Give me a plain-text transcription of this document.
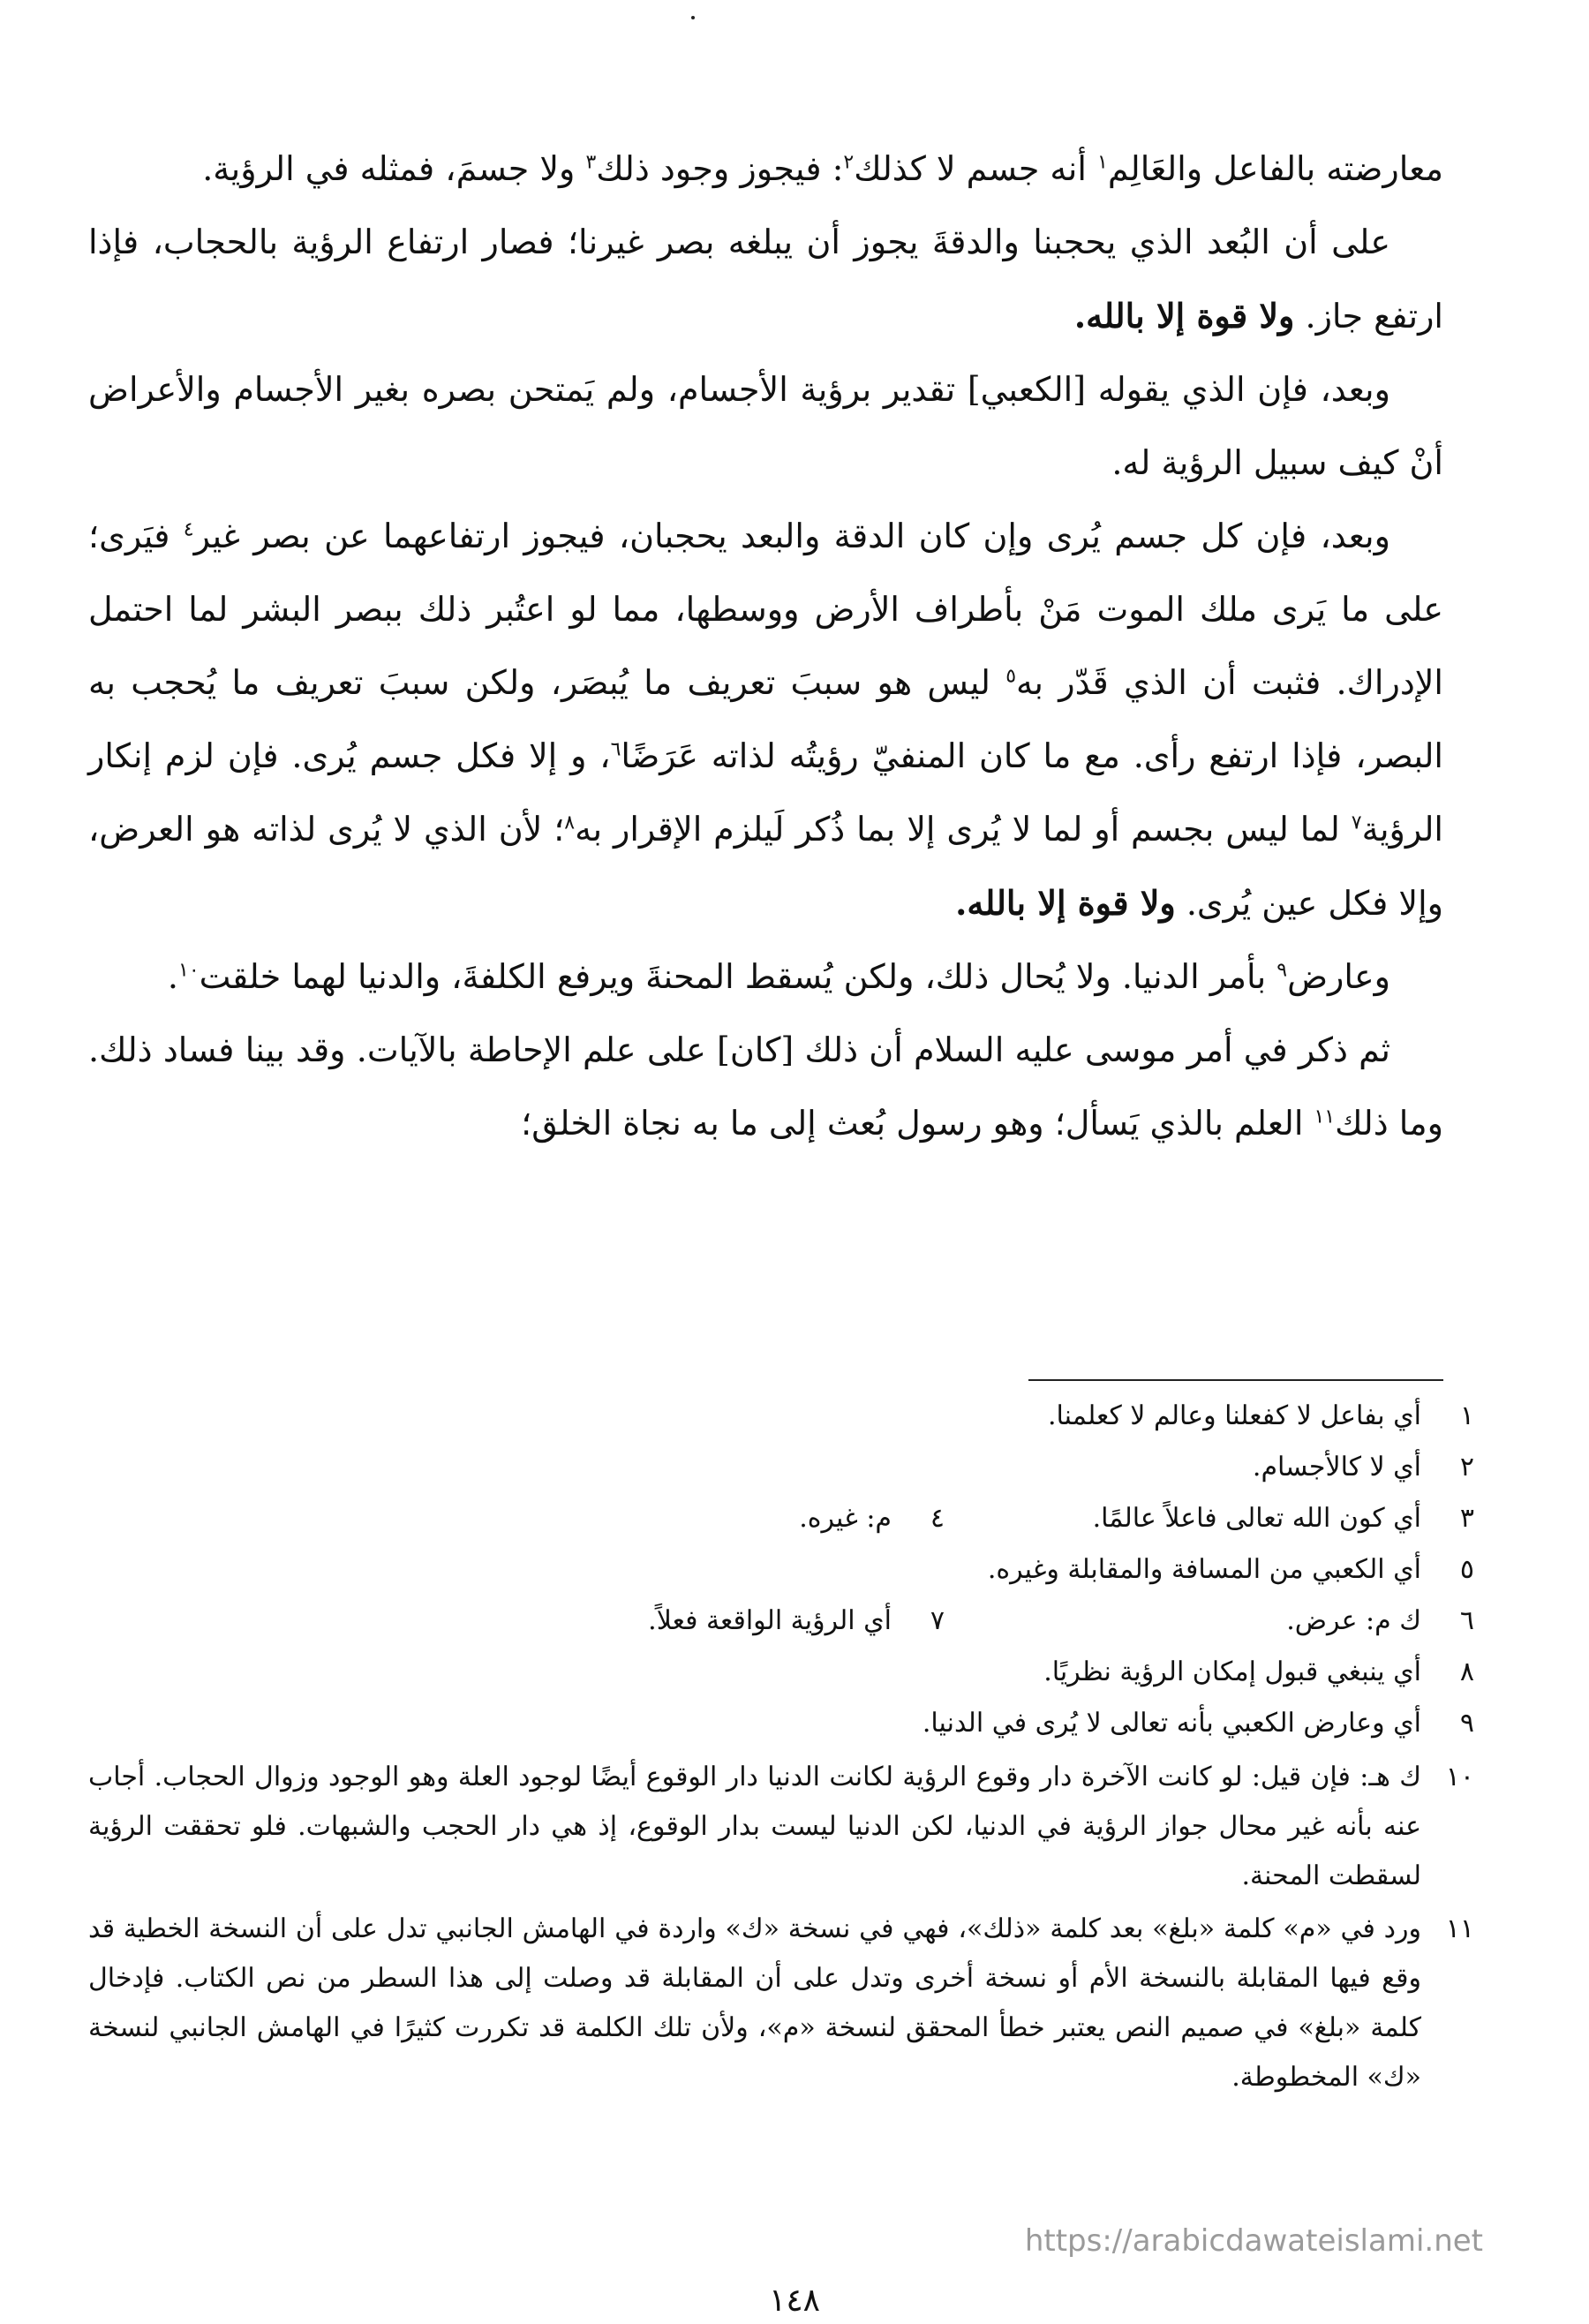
معارضته بالفاعل والعَالِم$^١$ أنه جسم لا كذلك$^٢$: فيجوز وجود ذلك$^٣$ ولا جسمَ، فمثله في الرؤية.

على أن البُعد الذي يحجبنا والدقةَ يجوز أن يبلغه بصر غيرنا؛ فصار ارتفاع الرؤية بالحجاب، فإذا ارتفع جاز. ولا قوة إلا بالله.

وبعد، فإن الذي يقوله [الكعبي] تقدير برؤية الأجسام، ولم يَمتحن بصره بغير الأجسام والأعراض أنْ كيف سبيل الرؤية له.

وبعد، فإن كل جسم يُرى وإن كان الدقة والبعد يحجبان، فيجوز ارتفاعهما عن بصر غير$^٤$ فيَرى؛ على ما يَرى ملك الموت مَنْ بأطراف الأرض ووسطها، مما لو اعتُبر ذلك ببصر البشر لما احتمل الإدراك. فثبت أن الذي قَدّر به$^٥$ ليس هو سببَ تعريف ما يُبصَر، ولكن سببَ تعريف ما يُحجب به البصر، فإذا ارتفع رأى. مع ما كان المنفيّ رؤيتُه لذاته عَرَضًا$^٦$، و إلا فكل جسم يُرى. فإن لزم إنكار الرؤية$^٧$ لما ليس بجسم أو لما لا يُرى إلا بما ذُكر لَيلزم الإقرار به$^٨$؛ لأن الذي لا يُرى لذاته هو العرض، وإلا فكل عين يُرى. ولا قوة إلا بالله.

وعارض$^٩$ بأمر الدنيا. ولا يُحال ذلك، ولكن يُسقط المحنةَ ويرفع الكلفةَ، والدنيا لهما خلقت$^{١٠}$.

ثم ذكر في أمر موسى عليه السلام أن ذلك [كان] على علم الإحاطة بالآيات. وقد بينا فساد ذلك. وما ذلك$^{١١}$ العلم بالذي يَسأل؛ وهو رسول بُعث إلى ما به نجاة الخلق؛

١
أي بفاعل لا كفعلنا وعالم لا كعلمنا.
٢
أي لا كالأجسام.
٣
أي كون الله تعالى فاعلاً عالمًا.
٤
م: غيره.
٥
أي الكعبي من المسافة والمقابلة وغيره.
٦
ك م: عرض.
٧
أي الرؤية الواقعة فعلاً.
٨
أي ينبغي قبول إمكان الرؤية نظريًا.
٩
أي وعارض الكعبي بأنه تعالى لا يُرى في الدنيا.
١٠
ك هـ: فإن قيل: لو كانت الآخرة دار وقوع الرؤية لكانت الدنيا دار الوقوع أيضًا لوجود العلة وهو الوجود وزوال الحجاب. أجاب عنه بأنه غير محال جواز الرؤية في الدنيا، لكن الدنيا ليست بدار الوقوع، إذ هي دار الحجب والشبهات. فلو تحققت الرؤية لسقطت المحنة.
١١
ورد في «م» كلمة «بلغ» بعد كلمة «ذلك»، فهي في نسخة «ك» واردة في الهامش الجانبي تدل على أن النسخة الخطية قد وقع فيها المقابلة بالنسخة الأم أو نسخة أخرى وتدل على أن المقابلة قد وصلت إلى هذا السطر من نص الكتاب. فإدخال كلمة «بلغ» في صميم النص يعتبر خطأ المحقق لنسخة «م»، ولأن تلك الكلمة قد تكررت كثيرًا في الهامش الجانبي لنسخة «ك» المخطوطة.
https://arabicdawateislami.net
١٤٨
